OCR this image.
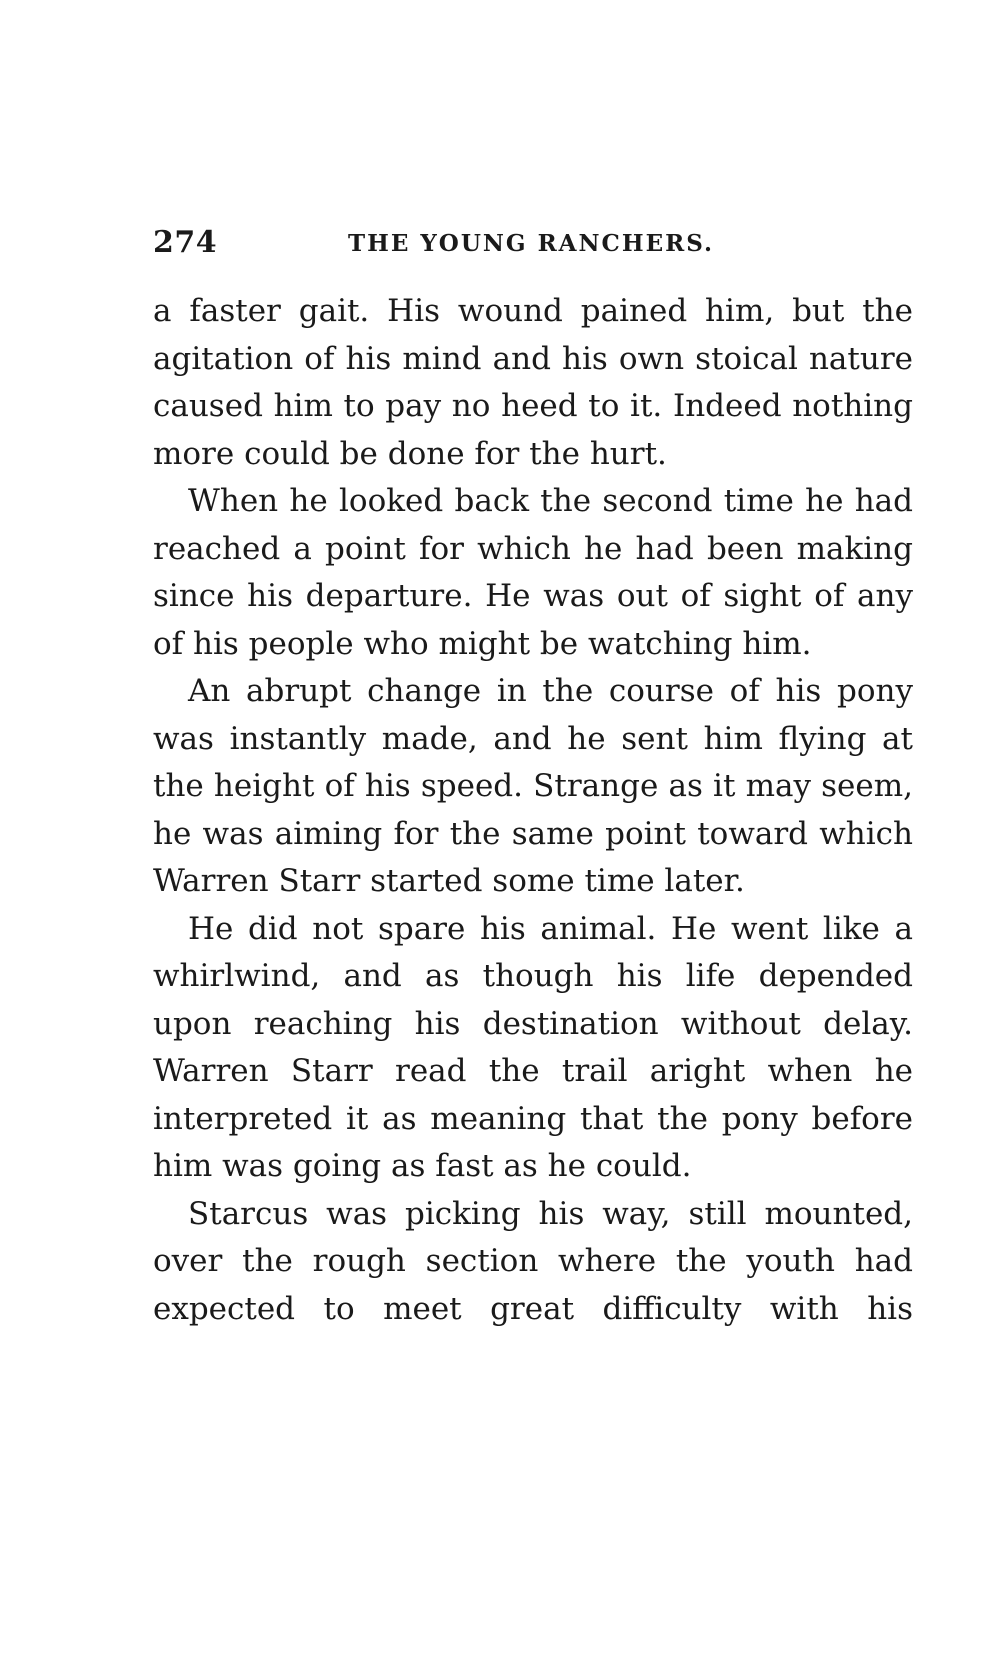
274	THE YOUNG RANCHERS.

a faster gait. His wound pained him, but the agitation of his mind and his own stoical nature caused him to pay no heed to it. Indeed nothing more could be done for the hurt.

When he looked back the second time he had reached a point for which he had been making since his departure. He was out of sight of any of his people who might be watching him.

An abrupt change in the course of his pony was instantly made, and he sent him flying at the height of his speed. Strange as it may seem, he was aiming for the same point toward which Warren Starr started some time later.

He did not spare his animal. He went like a whirlwind, and as though his life depended upon reaching his destination without delay. Warren Starr read the trail aright when he interpreted it as meaning that the pony before him was going as fast as he could.

Starcus was picking his way, still mounted, over the rough section where the youth had expected to meet great difficulty with his
